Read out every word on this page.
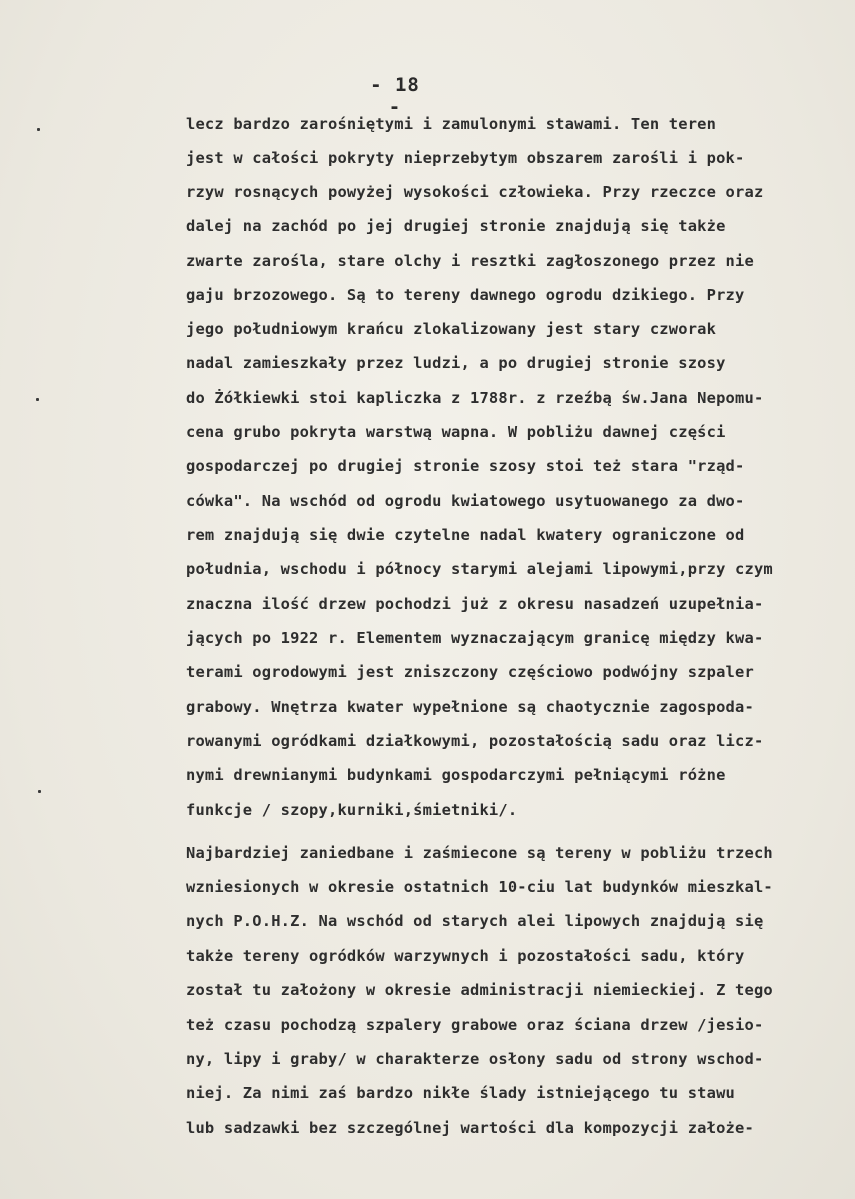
- 18 -
lecz bardzo zarośniętymi i zamulonymi stawami. Ten teren
jest w całości pokryty nieprzebytym obszarem zarośli i pok-
rzyw rosnących powyżej wysokości człowieka. Przy rzeczce oraz
dalej na zachód po jej drugiej stronie znajdują się także
zwarte zarośla, stare olchy i resztki zagłoszonego przez nie
gaju brzozowego. Są to tereny dawnego ogrodu dzikiego. Przy
jego południowym krańcu zlokalizowany jest stary czworak
nadal zamieszkały przez ludzi, a po drugiej stronie szosy
do Żółkiewki stoi kapliczka z 1788r. z rzeźbą św.Jana Nepomu-
cena grubo pokryta warstwą wapna. W pobliżu dawnej części
gospodarczej po drugiej stronie szosy stoi też stara "rząd-
cówka". Na wschód od ogrodu kwiatowego usytuowanego za dwo-
rem znajdują się dwie czytelne nadal kwatery ograniczone od
południa, wschodu i północy starymi alejami lipowymi,przy czym
znaczna ilość drzew pochodzi już z okresu nasadzeń uzupełnia-
jących po 1922 r. Elementem wyznaczającym granicę między kwa-
terami ogrodowymi jest zniszczony częściowo podwójny szpaler
grabowy. Wnętrza kwater wypełnione są chaotycznie zagospoda-
rowanymi ogródkami działkowymi, pozostałością sadu oraz licz-
nymi drewnianymi budynkami gospodarczymi pełniącymi różne
funkcje / szopy,kurniki,śmietniki/.
Najbardziej zaniedbane i zaśmiecone są tereny w pobliżu trzech
wzniesionych w okresie ostatnich 10-ciu lat budynków mieszkal-
nych P.O.H.Z. Na wschód od starych alei lipowych znajdują się
także tereny ogródków warzywnych i pozostałości sadu, który
został tu założony w okresie administracji niemieckiej. Z tego
też czasu pochodzą szpalery grabowe oraz ściana drzew /jesio-
ny, lipy i graby/ w charakterze osłony sadu od strony wschod-
niej. Za nimi zaś bardzo nikłe ślady istniejącego tu stawu
lub sadzawki bez szczególnej wartości dla kompozycji założe-
